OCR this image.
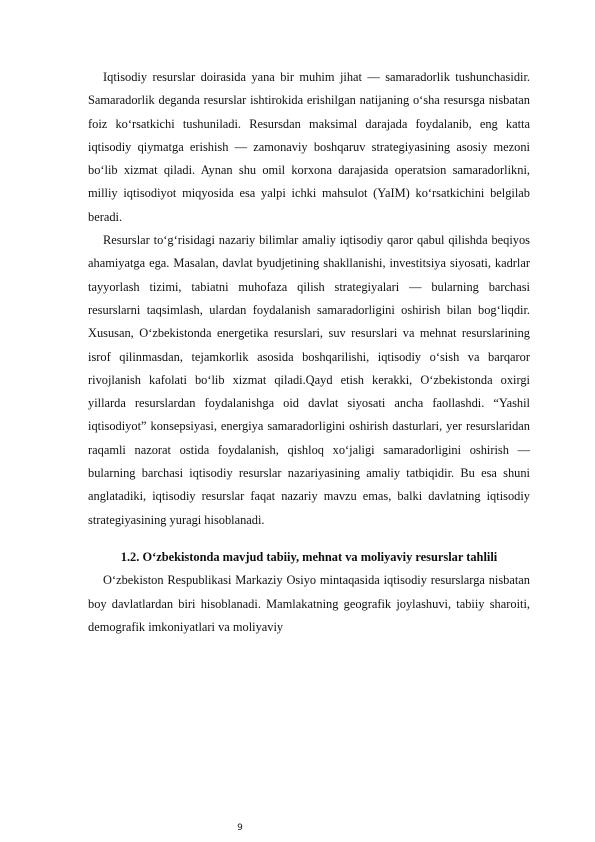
Iqtisodiy resurslar doirasida yana bir muhim jihat — samaradorlik tushunchasidir. Samaradorlik deganda resurslar ishtirokida erishilgan natijaning o‘sha resursga nisbatan foiz ko‘rsatkichi tushuniladi. Resursdan maksimal darajada foydalanib, eng katta iqtisodiy qiymatga erishish — zamonaviy boshqaruv strategiyasining asosiy mezoni bo‘lib xizmat qiladi. Aynan shu omil korxona darajasida operatsion samaradorlikni, milliy iqtisodiyot miqyosida esa yalpi ichki mahsulot (YaIM) ko‘rsatkichini belgilab beradi.

Resurslar to‘g‘risidagi nazariy bilimlar amaliy iqtisodiy qaror qabul qilishda beqiyos ahamiyatga ega. Masalan, davlat byudjetining shakllanishi, investitsiya siyosati, kadrlar tayyorlash tizimi, tabiatni muhofaza qilish strategiyalari — bularning barchasi resurslarni taqsimlash, ulardan foydalanish samaradorligini oshirish bilan bog‘liqdir. Xususan, O‘zbekistonda energetika resurslari, suv resurslari va mehnat resurslarining isrof qilinmasdan, tejamkorlik asosida boshqarilishi, iqtisodiy o‘sish va barqaror rivojlanish kafolati bo‘lib xizmat qiladi.Qayd etish kerakki, O‘zbekistonda oxirgi yillarda resurslardan foydalanishga oid davlat siyosati ancha faollashdi. “Yashil iqtisodiyot” konsepsiyasi, energiya samaradorligini oshirish dasturlari, yer resurslaridan raqamli nazorat ostida foydalanish, qishloq xo‘jaligi samaradorligini oshirish — bularning barchasi iqtisodiy resurslar nazariyasining amaliy tatbiqidir. Bu esa shuni anglatadiki, iqtisodiy resurslar faqat nazariy mavzu emas, balki davlatning iqtisodiy strategiyasining yuragi hisoblanadi.

1.2. O‘zbekistonda mavjud tabiiy, mehnat va moliyaviy resurslar tahlili

O‘zbekiston Respublikasi Markaziy Osiyo mintaqasida iqtisodiy resurslarga nisbatan boy davlatlardan biri hisoblanadi. Mamlakatning geografik joylashuvi, tabiiy sharoiti, demografik imkoniyatlari va moliyaviy

9
